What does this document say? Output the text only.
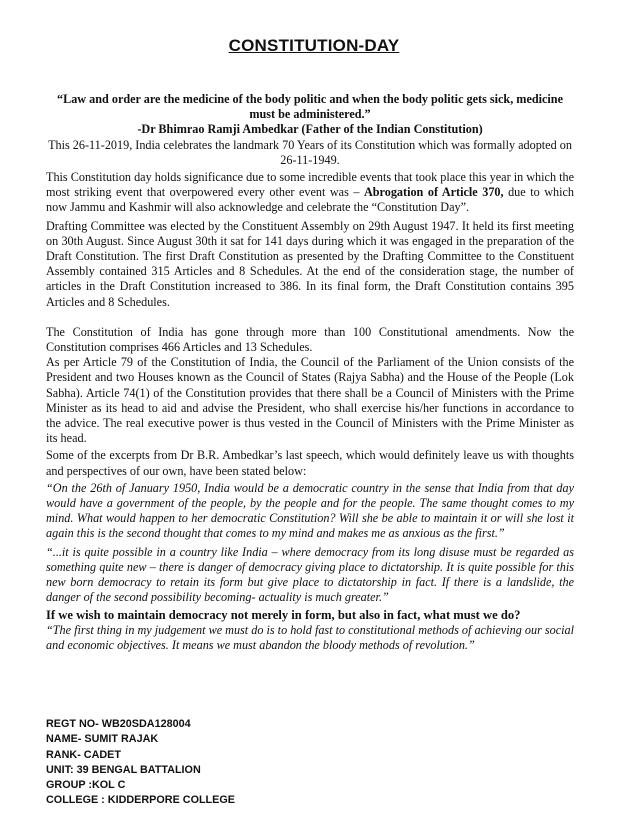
CONSTITUTION-DAY

“Law and order are the medicine of the body politic and when the body politic gets sick, medicine must be administered.”

-Dr Bhimrao Ramji Ambedkar (Father of the Indian Constitution)

This 26-11-2019, India celebrates the landmark 70 Years of its Constitution which was formally adopted on 26-11-1949.

This Constitution day holds significance due to some incredible events that took place this year in which the most striking event that overpowered every other event was – Abrogation of Article 370, due to which now Jammu and Kashmir will also acknowledge and celebrate the “Constitution Day”.

Drafting Committee was elected by the Constituent Assembly on 29th August 1947. It held its first meeting on 30th August. Since August 30th it sat for 141 days during which it was engaged in the preparation of the Draft Constitution. The first Draft Constitution as presented by the Drafting Committee to the Constituent Assembly contained 315 Articles and 8 Schedules. At the end of the consideration stage, the number of articles in the Draft Constitution increased to 386. In its final form, the Draft Constitution contains 395 Articles and 8 Schedules.

The Constitution of India has gone through more than 100 Constitutional amendments. Now the Constitution comprises 466 Articles and 13 Schedules.

As per Article 79 of the Constitution of India, the Council of the Parliament of the Union consists of the President and two Houses known as the Council of States (Rajya Sabha) and the House of the People (Lok Sabha). Article 74(1) of the Constitution provides that there shall be a Council of Ministers with the Prime Minister as its head to aid and advise the President, who shall exercise his/her functions in accordance to the advice. The real executive power is thus vested in the Council of Ministers with the Prime Minister as its head.

Some of the excerpts from Dr B.R. Ambedkar’s last speech, which would definitely leave us with thoughts and perspectives of our own, have been stated below:

“On the 26th of January 1950, India would be a democratic country in the sense that India from that day would have a government of the people, by the people and for the people. The same thought comes to my mind. What would happen to her democratic Constitution? Will she be able to maintain it or will she lost it again this is the second thought that comes to my mind and makes me as anxious as the first.”

“...it is quite possible in a country like India – where democracy from its long disuse must be regarded as something quite new – there is danger of democracy giving place to dictatorship. It is quite possible for this new born democracy to retain its form but give place to dictatorship in fact. If there is a landslide, the danger of the second possibility becoming- actuality is much greater.”

If we wish to maintain democracy not merely in form, but also in fact, what must we do?

“The first thing in my judgement we must do is to hold fast to constitutional methods of achieving our social and economic objectives. It means we must abandon the bloody methods of revolution.”

REGT NO- WB20SDA128004
NAME- SUMIT RAJAK
RANK- CADET
UNIT: 39 BENGAL BATTALION
GROUP :KOL C
COLLEGE : KIDDERPORE COLLEGE
